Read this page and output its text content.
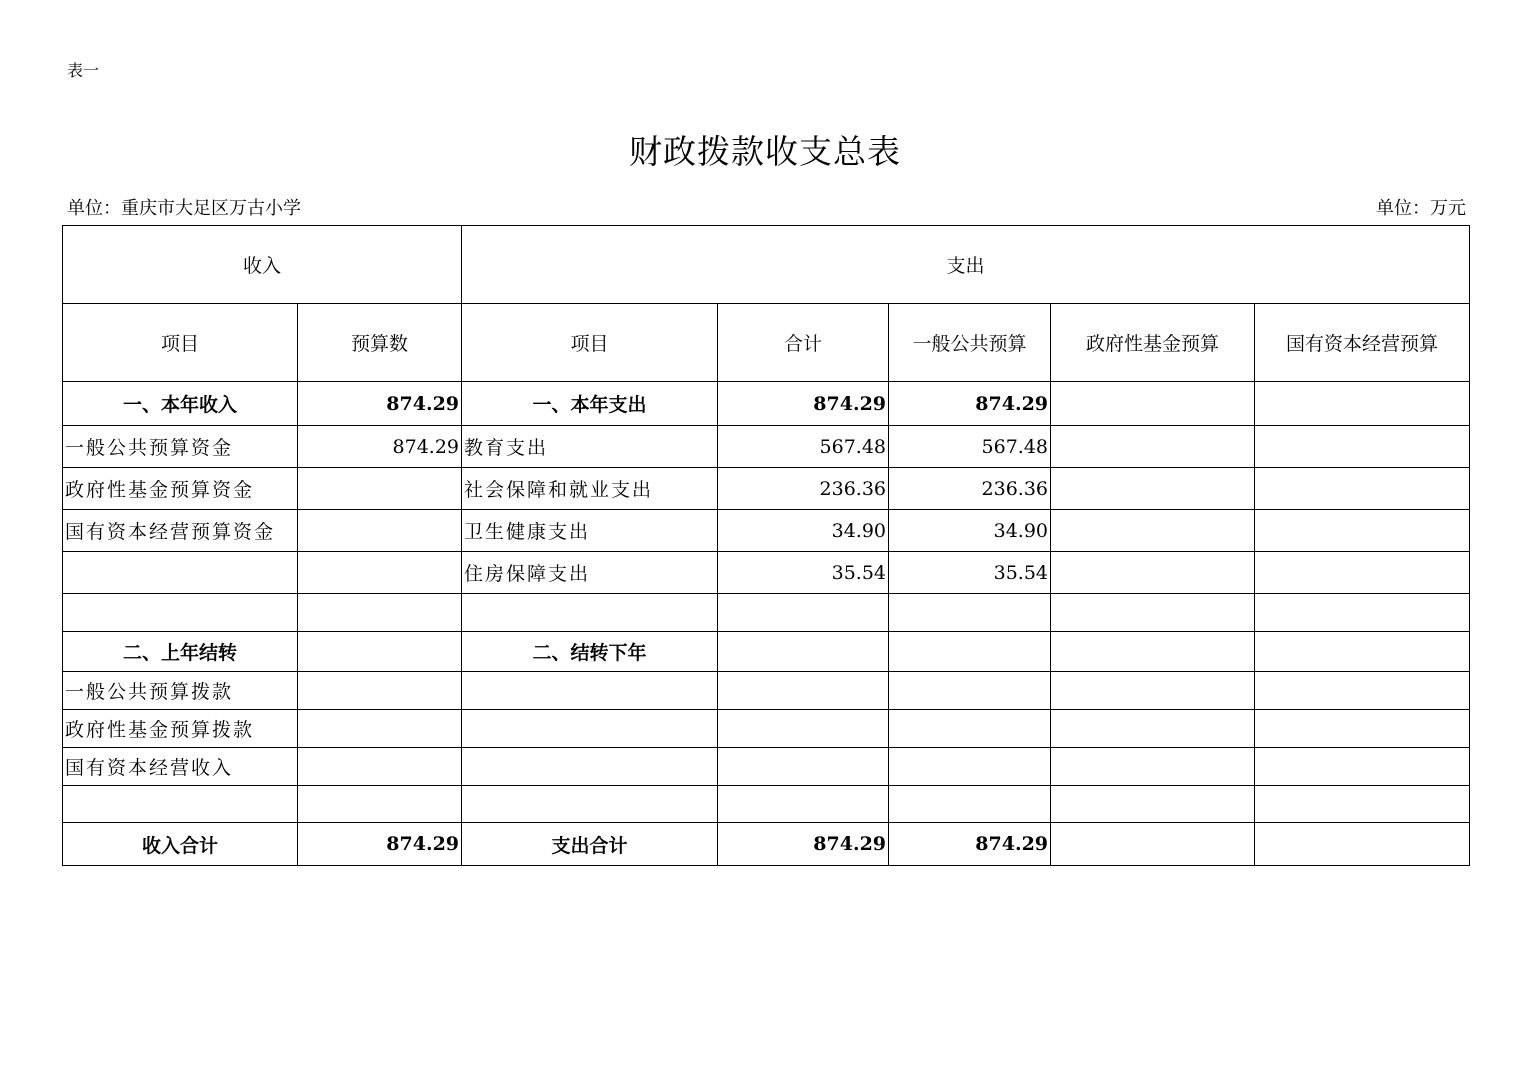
表一
财政拨款收支总表
单位：重庆市大足区万古小学	单位：万元
收入		支出				
项目	预算数	项目	合计	一般公共预算	政府性基金预算	国有资本经营预算
一、本年收入	874.29	一、本年支出	874.29	874.29		
一般公共预算资金	874.29	教育支出	567.48	567.48		
政府性基金预算资金		社会保障和就业支出	236.36	236.36		
国有资本经营预算资金		卫生健康支出	34.90	34.90		
		住房保障支出	35.54	35.54		

二、上年结转		二、结转下年				
一般公共预算拨款						
政府性基金预算拨款						
国有资本经营收入						

收入合计	874.29	支出合计	874.29	874.29		
